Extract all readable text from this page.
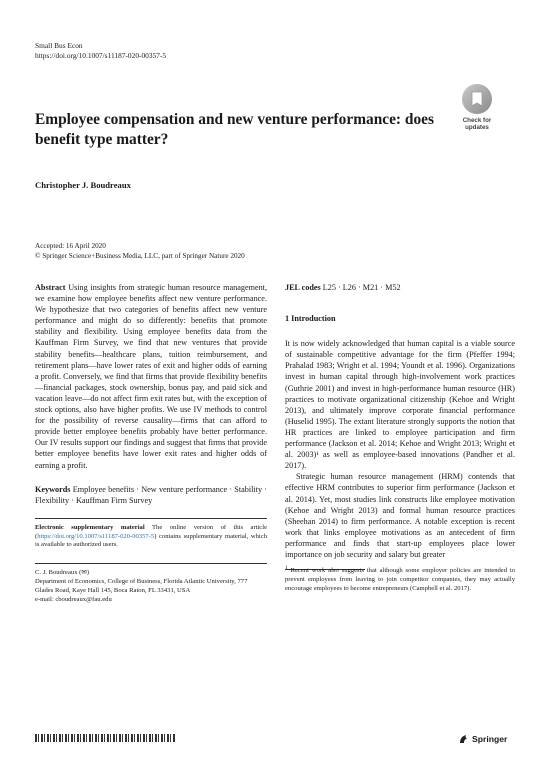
Small Bus Econ
https://doi.org/10.1007/s11187-020-00357-5
Employee compensation and new venture performance: does benefit type matter?
Check for
updates
Christopher J. Boudreaux
Accepted: 16 April 2020
© Springer Science+Business Media, LLC, part of Springer Nature 2020

Abstract Using insights from strategic human resource management, we examine how employee benefits affect new venture performance. We hypothesize that two categories of benefits affect new venture performance and might do so differently: benefits that promote stability and flexibility. Using employee benefits data from the Kauffman Firm Survey, we find that new ventures that provide stability benefits—healthcare plans, tuition reimbursement, and retirement plans—have lower rates of exit and higher odds of earning a profit. Conversely, we find that firms that provide flexibility benefits—financial packages, stock ownership, bonus pay, and paid sick and vacation leave—do not affect firm exit rates but, with the exception of stock options, also have higher profits. We use IV methods to control for the possibility of reverse causality—firms that can afford to provide better employee benefits probably have better performance. Our IV results support our findings and suggest that firms that provide better employee benefits have lower exit rates and higher odds of earning a profit.

Keywords Employee benefits · New venture performance · Stability · Flexibility · Kauffman Firm Survey

Electronic supplementary material The online version of this article (https://doi.org/10.1007/s11187-020-00357-5) contains supplementary material, which is available to authorized users.
C. J. Boudreaux (✉)
Department of Economics, College of Business, Florida Atlantic University, 777 Glades Road, Kaye Hall 145, Boca Raton, FL 33431, USA
e-mail: cboudreaux@fau.edu

JEL codes L25 · L26 · M21 · M52

1 Introduction

It is now widely acknowledged that human capital is a viable source of sustainable competitive advantage for the firm (Pfeffer 1994; Prahalad 1983; Wright et al. 1994; Youndt et al. 1996). Organizations invest in human capital through high-involvement work practices (Guthrie 2001) and invest in high-performance human resource (HR) practices to motivate organizational citizenship (Kehoe and Wright 2013), and ultimately improve corporate financial performance (Huselid 1995). The extant literature strongly supports the notion that HR practices are linked to employee participation and firm performance (Jackson et al. 2014; Kehoe and Wright 2013; Wright et al. 2003)¹ as well as employee-based innovations (Pandher et al. 2017).

Strategic human resource management (HRM) contends that effective HRM contributes to superior firm performance (Jackson et al. 2014). Yet, most studies link constructs like employee motivation (Kehoe and Wright 2013) and formal human resource practices (Sheehan 2014) to firm performance. A notable exception is recent work that links employee motivations as an antecedent of firm performance and finds that start-up employees place lower importance on job security and salary but greater

$^1$ Recent work also suggests that although some employer policies are intended to prevent employees from leaving to join competitor companies, they may actually encourage employees to become entrepreneurs (Campbell et al. 2017).
Springer
